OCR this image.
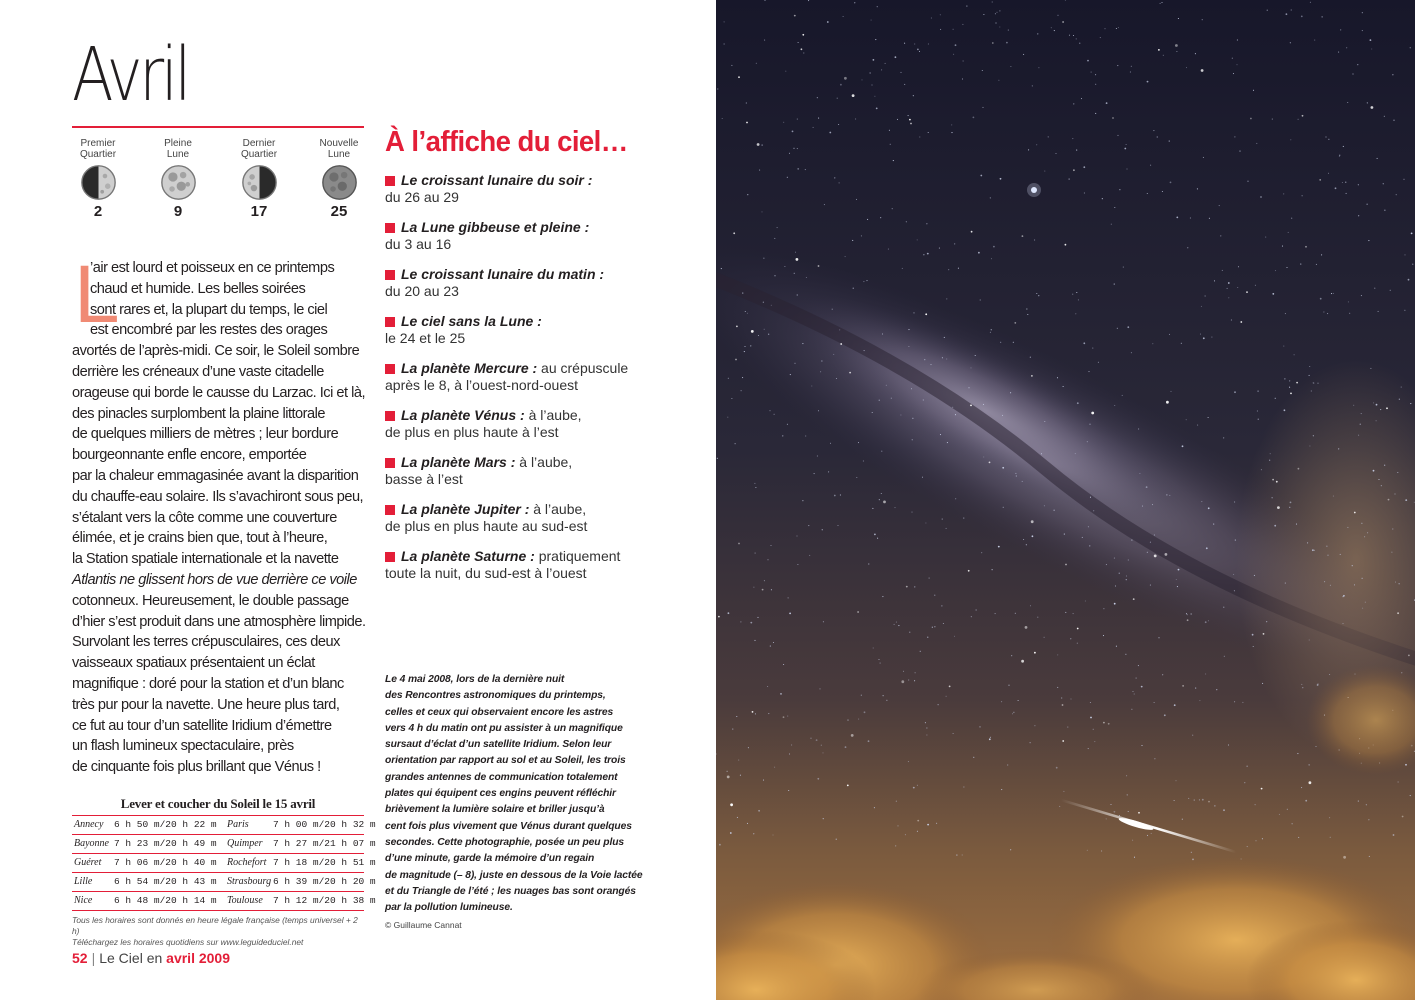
Avril
Premier
Quartier
2
Pleine
Lune
9
Dernier
Quartier
17
Nouvelle
Lune
25
L
’air est lourd et poisseux en ce printemps
chaud et humide. Les belles soirées
sont rares et, la plupart du temps, le ciel
est encombré par les restes des orages
avortés de l’après-midi. Ce soir, le Soleil sombre
derrière les créneaux d’une vaste citadelle
orageuse qui borde le causse du Larzac. Ici et là,
des pinacles surplombent la plaine littorale
de quelques milliers de mètres ; leur bordure
bourgeonnante enfle encore, emportée
par la chaleur emmagasinée avant la disparition
du chauffe-eau solaire. Ils s’avachiront sous peu,
s’étalant vers la côte comme une couverture
élimée, et je crains bien que, tout à l’heure,
la Station spatiale internationale et la navette
Atlantis ne glissent hors de vue derrière ce voile
cotonneux. Heureusement, le double passage
d’hier s’est produit dans une atmosphère limpide.
Survolant les terres crépusculaires, ces deux
vaisseaux spatiaux présentaient un éclat
magnifique : doré pour la station et d’un blanc
très pur pour la navette. Une heure plus tard,
ce fut au tour d’un satellite Iridium d’émettre
un flash lumineux spectaculaire, près
de cinquante fois plus brillant que Vénus !
Lever et coucher du Soleil le 15 avril
Annecy 6 h 50 m/20 h 22 m Paris	7 h 00 m/20 h 32 m
Bayonne 7 h 23 m/20 h 49 m Quimper 7 h 27 m/21 h 07 m
Guéret 7 h 06 m/20 h 40 m Rochefort 7 h 18 m/20 h 51 m
Lille 6 h 54 m/20 h 43 m Strasbourg 6 h 39 m/20 h 20 m
Nice 6 h 48 m/20 h 14 m Toulouse 7 h 12 m/20 h 38 m
Tous les horaires sont donnés en heure légale française (temps universel + 2 h)
Téléchargez les horaires quotidiens sur www.leguideduciel.net
52 | Le Ciel en avril 2009
À l’affiche du ciel…
Le croissant lunaire du soir :
du 26 au 29
La Lune gibbeuse et pleine :
du 3 au 16
Le croissant lunaire du matin :
du 20 au 23
Le ciel sans la Lune :
le 24 et le 25
La planète Mercure : au crépuscule
après le 8, à l’ouest-nord-ouest
La planète Vénus : à l’aube,
de plus en plus haute à l’est
La planète Mars : à l’aube,
basse à l’est
La planète Jupiter : à l’aube,
de plus en plus haute au sud-est
La planète Saturne : pratiquement
toute la nuit, du sud-est à l’ouest
Le 4 mai 2008, lors de la dernière nuit
des Rencontres astronomiques du printemps,
celles et ceux qui observaient encore les astres
vers 4 h du matin ont pu assister à un magnifique
sursaut d’éclat d’un satellite Iridium. Selon leur
orientation par rapport au sol et au Soleil, les trois
grandes antennes de communication totalement
plates qui équipent ces engins peuvent réfléchir
brièvement la lumière solaire et briller jusqu’à
cent fois plus vivement que Vénus durant quelques
secondes. Cette photographie, posée un peu plus
d’une minute, garde la mémoire d’un regain
de magnitude (– 8), juste en dessous de la Voie lactée
et du Triangle de l’été ; les nuages bas sont orangés
par la pollution lumineuse.
© Guillaume Cannat
